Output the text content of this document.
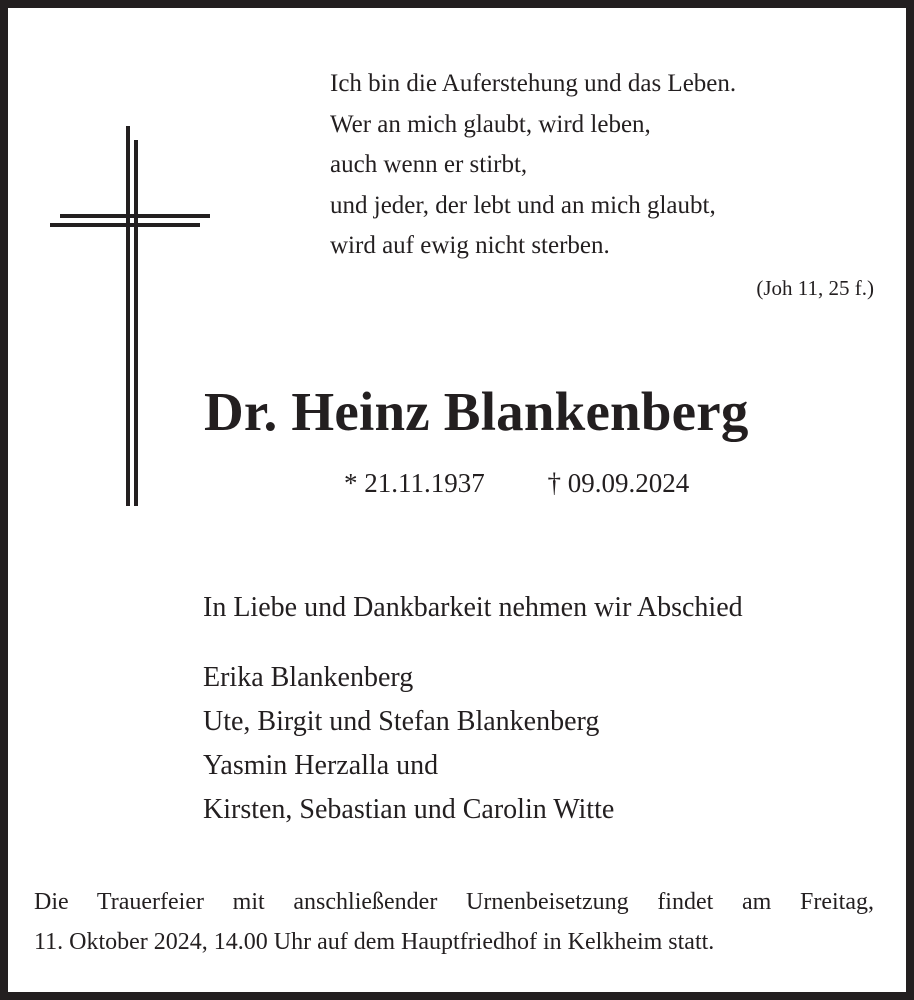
Ich bin die Auferstehung und das Leben.
Wer an mich glaubt, wird leben,
auch wenn er stirbt,
und jeder, der lebt und an mich glaubt,
wird auf ewig nicht sterben.
(Joh 11, 25 f.)
Dr. Heinz Blankenberg
* 21.11.1937 † 09.09.2024
In Liebe und Dankbarkeit nehmen wir Abschied
Erika Blankenberg
Ute, Birgit und Stefan Blankenberg
Yasmin Herzalla und
Kirsten, Sebastian und Carolin Witte
Die Trauerfeier mit anschließender Urnenbeisetzung findet am Freitag,
11. Oktober 2024, 14.00 Uhr auf dem Hauptfriedhof in Kelkheim statt.
